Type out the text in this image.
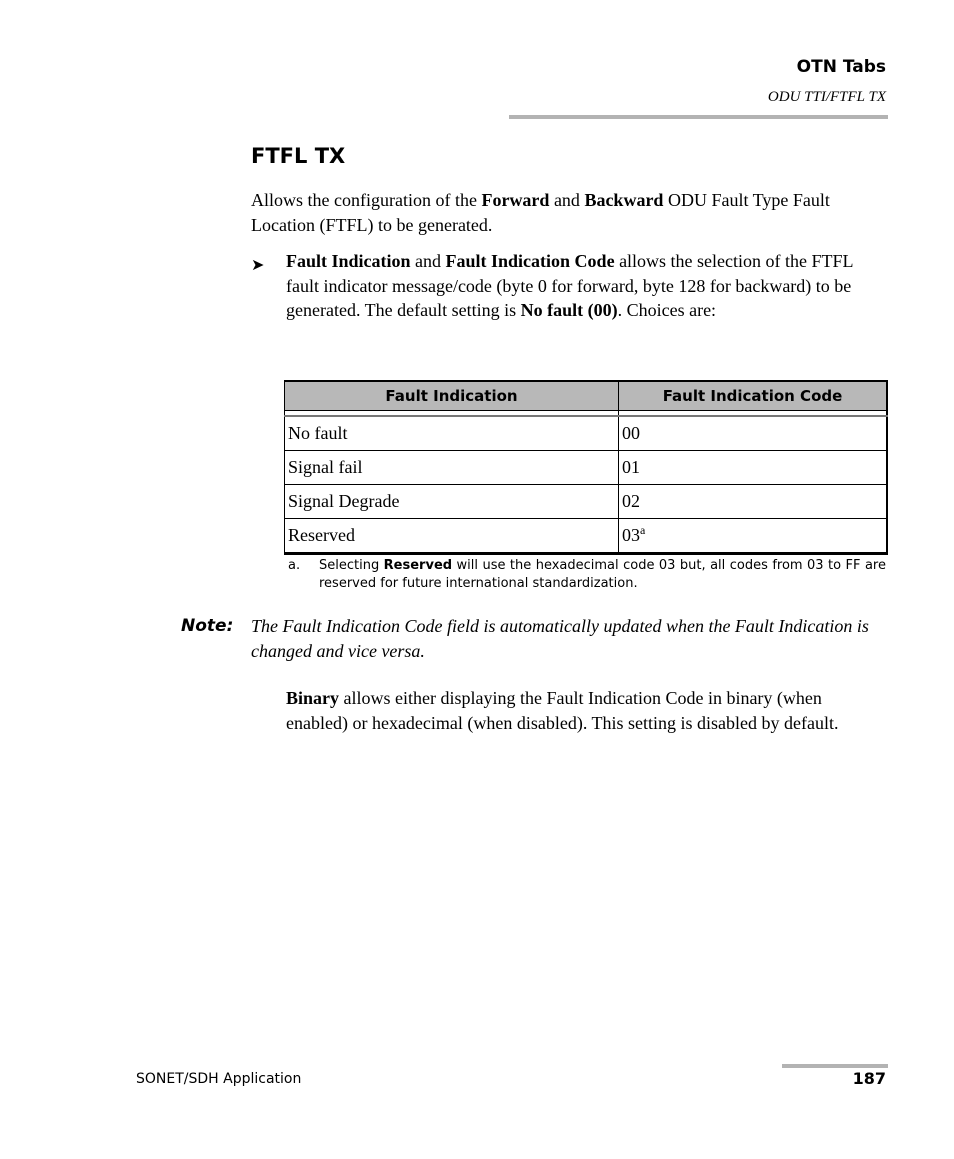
OTN Tabs
ODU TTI/FTFL TX
FTFL TX

Allows the configuration of the Forward and Backward ODU Fault Type Fault Location (FTFL) to be generated.

➤ Fault Indication and Fault Indication Code allows the selection of the FTFL fault indicator message/code (byte 0 for forward, byte 128 for backward) to be generated. The default setting is No fault (00). Choices are:

Fault Indication	Fault Indication Code

No fault	00
Signal fail	01
Signal Degrade	02
Reserved	03$^a$
a. Selecting Reserved will use the hexadecimal code 03 but, all codes from 03 to FF are reserved for future international standardization.
Note: The Fault Indication Code field is automatically updated when the Fault Indication is changed and vice versa.

Binary allows either displaying the Fault Indication Code in binary (when enabled) or hexadecimal (when disabled). This setting is disabled by default.

SONET/SDH Application	187
